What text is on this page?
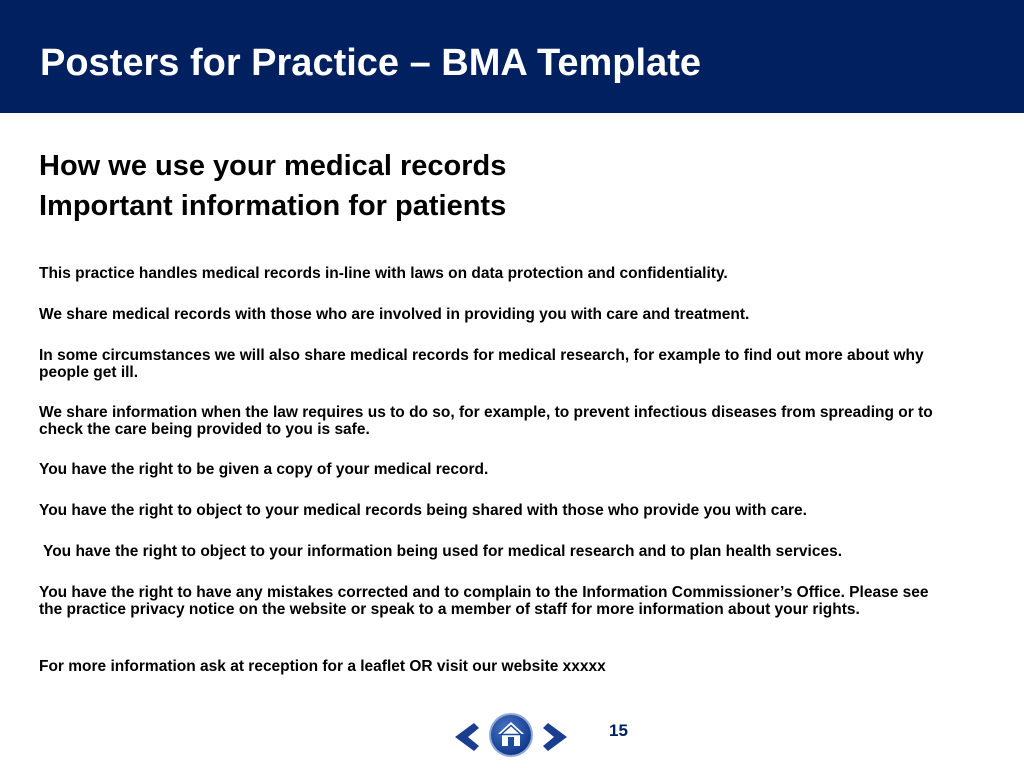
Posters for Practice – BMA Template
How we use your medical records
Important information for patients

This practice handles medical records in-line with laws on data protection and confidentiality.

We share medical records with those who are involved in providing you with care and treatment.

In some circumstances we will also share medical records for medical research, for example to find out more about why people get ill.

We share information when the law requires us to do so, for example, to prevent infectious diseases from spreading or to check the care being provided to you is safe.

You have the right to be given a copy of your medical record.

You have the right to object to your medical records being shared with those who provide you with care.

You have the right to object to your information being used for medical research and to plan health services.

You have the right to have any mistakes corrected and to complain to the Information Commissioner’s Office. Please see the practice privacy notice on the website or speak to a member of staff for more information about your rights.

For more information ask at reception for a leaflet OR visit our website xxxxx

15
